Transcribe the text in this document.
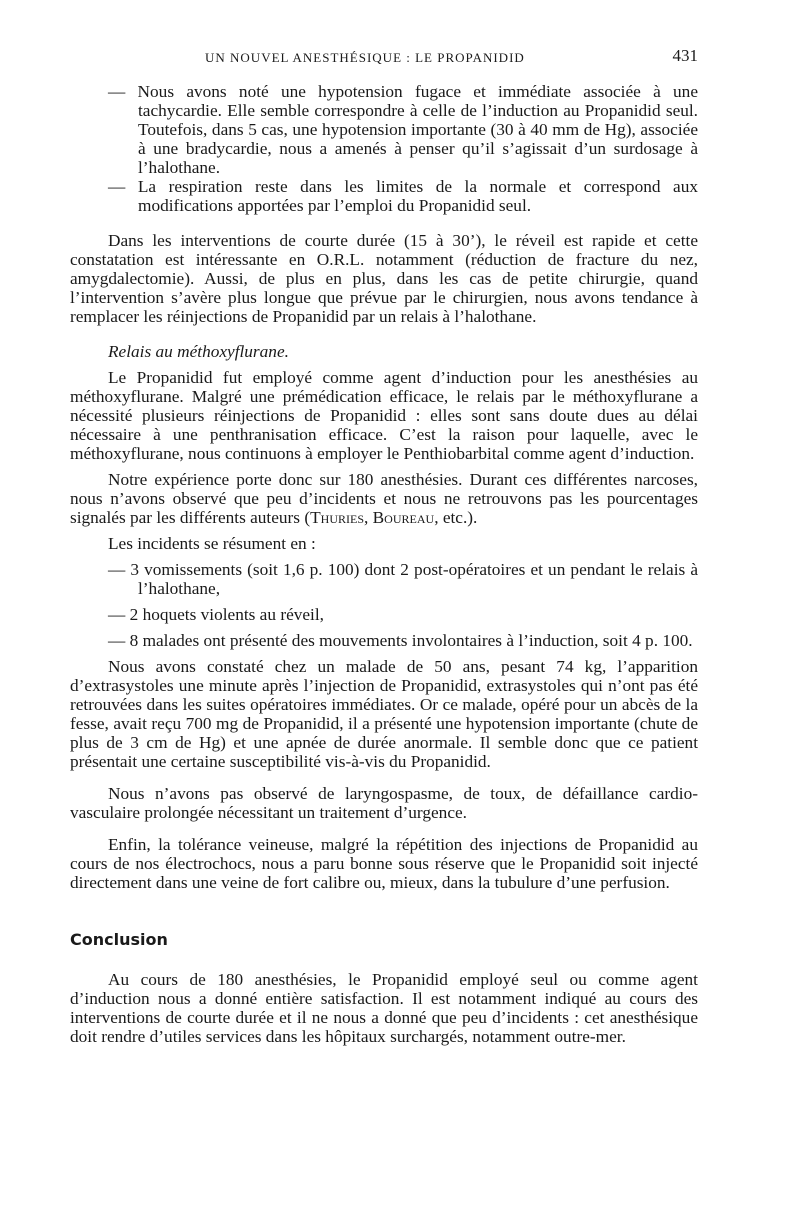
UN NOUVEL ANESTHÉSIQUE : LE PROPANIDID	431

— Nous avons noté une hypotension fugace et immédiate associée à une tachycardie. Elle semble correspondre à celle de l’induction au Propanidid seul. Toutefois, dans 5 cas, une hypotension importante (30 à 40 mm de Hg), associée à une bradycardie, nous a amenés à penser qu’il s’agissait d’un surdosage à l’halothane.

— La respiration reste dans les limites de la normale et correspond aux modifications apportées par l’emploi du Propanidid seul.

Dans les interventions de courte durée (15 à 30’), le réveil est rapide et cette constatation est intéressante en O.R.L. notamment (réduction de fracture du nez, amygdalectomie). Aussi, de plus en plus, dans les cas de petite chirurgie, quand l’intervention s’avère plus longue que prévue par le chirurgien, nous avons tendance à remplacer les réinjections de Propanidid par un relais à l’halothane.

Relais au méthoxyflurane.

Le Propanidid fut employé comme agent d’induction pour les anesthésies au méthoxyflurane. Malgré une prémédication efficace, le relais par le méthoxyflurane a nécessité plusieurs réinjections de Propanidid : elles sont sans doute dues au délai nécessaire à une penthranisation efficace. C’est la raison pour laquelle, avec le méthoxyflurane, nous continuons à employer le Penthiobarbital comme agent d’induction.

Notre expérience porte donc sur 180 anesthésies. Durant ces différentes narcoses, nous n’avons observé que peu d’incidents et nous ne retrouvons pas les pourcentages signalés par les différents auteurs (Thuries, Boureau, etc.).

Les incidents se résument en :

— 3 vomissements (soit 1,6 p. 100) dont 2 post-opératoires et un pendant le relais à l’halothane,

— 2 hoquets violents au réveil,

— 8 malades ont présenté des mouvements involontaires à l’induction, soit 4 p. 100.

Nous avons constaté chez un malade de 50 ans, pesant 74 kg, l’apparition d’extrasystoles une minute après l’injection de Propanidid, extrasystoles qui n’ont pas été retrouvées dans les suites opératoires immédiates. Or ce malade, opéré pour un abcès de la fesse, avait reçu 700 mg de Propanidid, il a présenté une hypotension importante (chute de plus de 3 cm de Hg) et une apnée de durée anormale. Il semble donc que ce patient présentait une certaine susceptibilité vis-à-vis du Propanidid.

Nous n’avons pas observé de laryngospasme, de toux, de défaillance cardio-vasculaire prolongée nécessitant un traitement d’urgence.

Enfin, la tolérance veineuse, malgré la répétition des injections de Propanidid au cours de nos électrochocs, nous a paru bonne sous réserve que le Propanidid soit injecté directement dans une veine de fort calibre ou, mieux, dans la tubulure d’une perfusion.

Conclusion

Au cours de 180 anesthésies, le Propanidid employé seul ou comme agent d’induction nous a donné entière satisfaction. Il est notamment indiqué au cours des interventions de courte durée et il ne nous a donné que peu d’incidents : cet anesthésique doit rendre d’utiles services dans les hôpitaux surchargés, notamment outre-mer.
